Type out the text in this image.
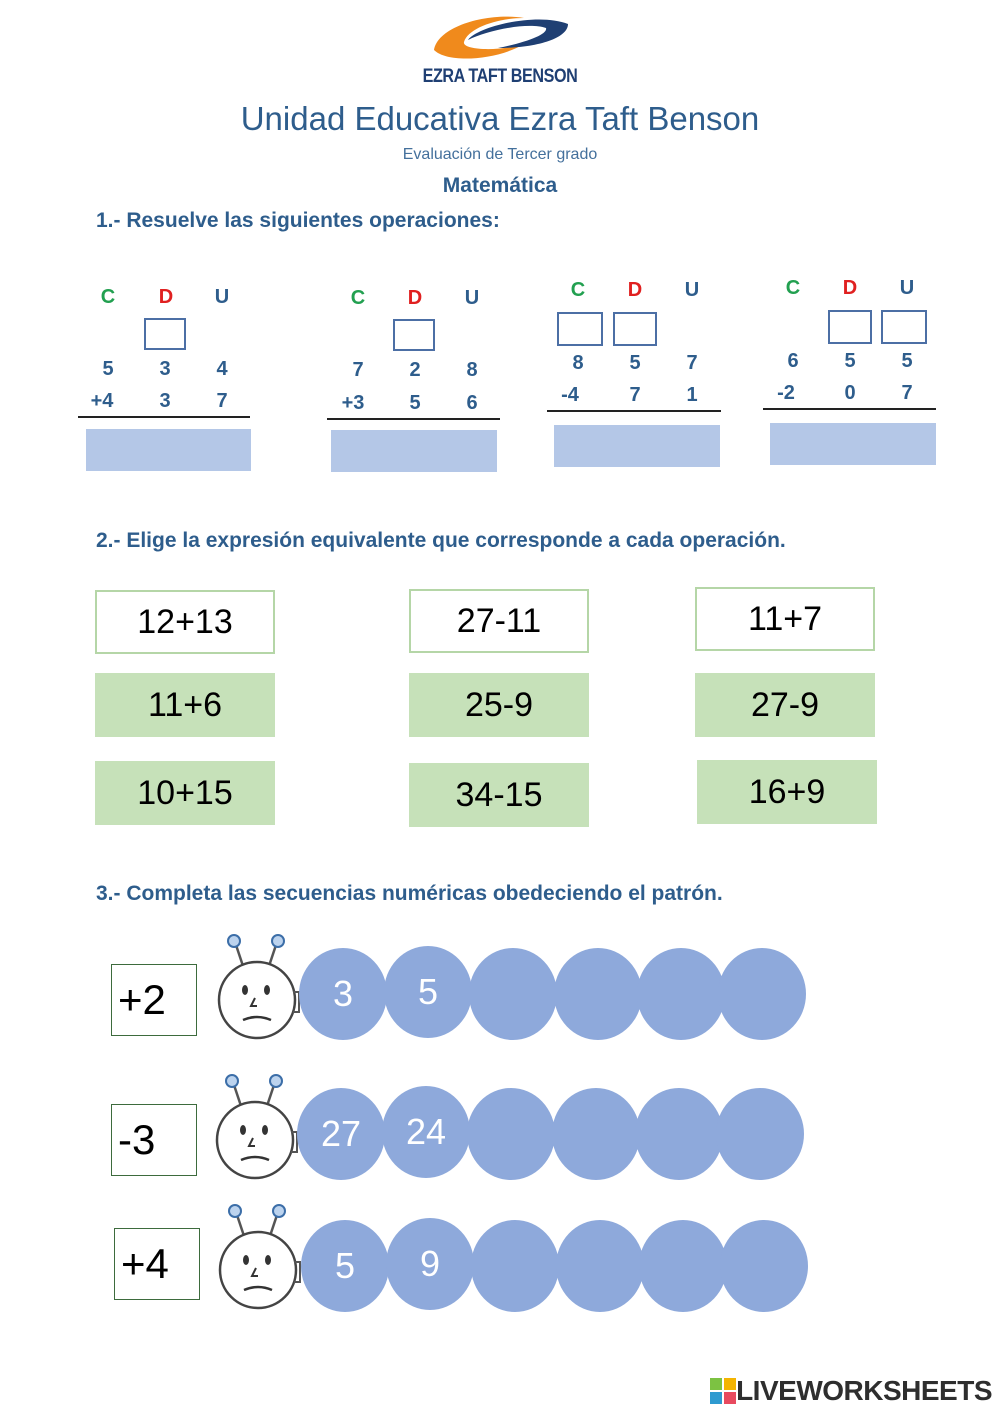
EZRA TAFT BENSON
Unidad Educativa Ezra Taft Benson
Evaluación de Tercer grado
Matemática
1.- Resuelve las siguientes operaciones:
C	D	U
5	3	4
+4	3	7
C	D	U
7	2	8
+3	5	6
C	D	U
8	5	7
-4	7	1
C	D	U
6	5	5
-2	0	7
2.- Elige la expresión equivalente que corresponde a cada operación.
12+13
11+6
10+15
27-11
25-9
34-15
11+7
27-9
16+9
3.- Completa las secuencias numéricas obedeciendo el patrón.
+2	3	5
-3	27	24
+4	5	9
LIVEWORKSHEETS
